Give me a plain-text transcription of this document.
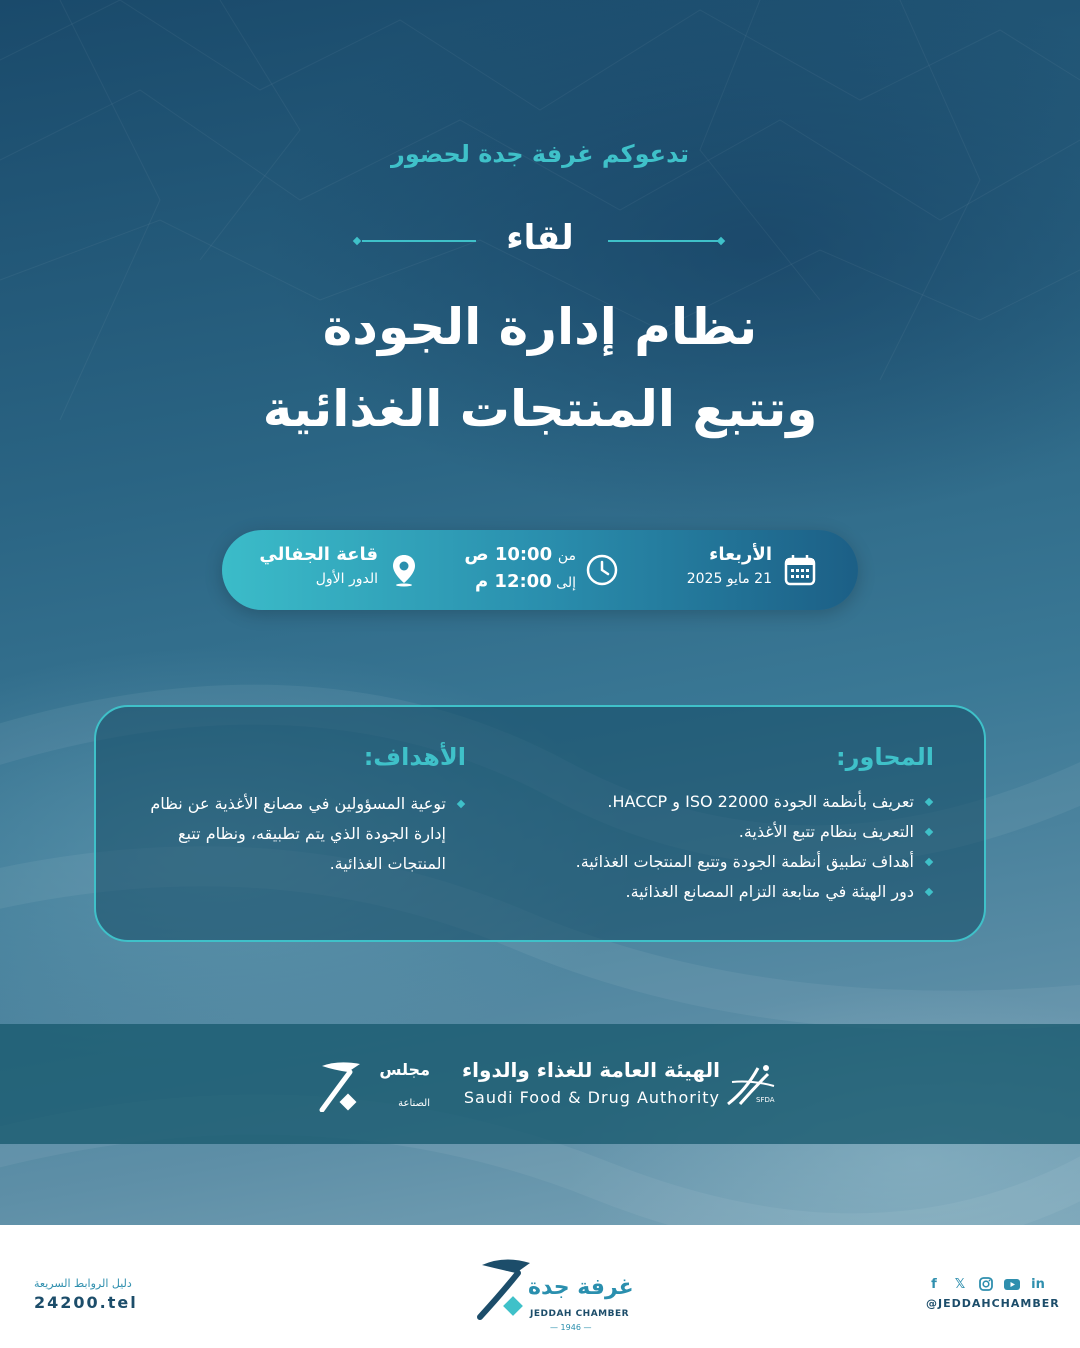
تدعوكم غرفة جدة لحضور
لقاء
نظام إدارة الجودة
وتتبع المنتجات الغذائية
الأربعاء
21 مايو 2025
من 10:00 ص
إلى 12:00 م
قاعة الجفالي
الدور الأول
المحاور:
تعريف بأنظمة الجودة ISO 22000 و HACCP.
التعريف بنظام تتبع الأغذية.
أهداف تطبيق أنظمة الجودة وتتبع المنتجات الغذائية.
دور الهيئة في متابعة التزام المصانع الغذائية.
الأهداف:
توعية المسؤولين في مصانع الأغذية عن نظام إدارة الجودة الذي يتم تطبيقه، ونظام تتبع المنتجات الغذائية.
مجلس
الصناعة
الهيئة العامة للغذاء والدواء
Saudi Food & Drug Authority	SFDA
دليل الروابط السريعة
24200.tel
غرفة جدة
JEDDAH CHAMBER
— 1946 —
f	𝕏	in
@JEDDAHCHAMBER
